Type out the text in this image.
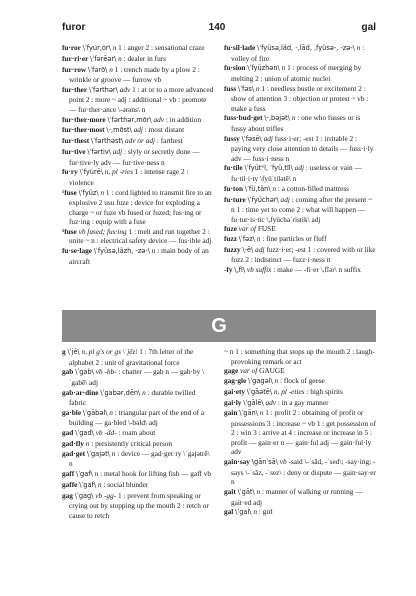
furor	140	gal

fu·ror \ˈfyu̇r,ȯr\ n 1 : anger 2 : sensational craze

fur·ri·er \ˈfərēər\ n : dealer in furs

fur·row \ˈfərō\ n 1 : trench made by a plow 2 : wrinkle or groove — furrow vb

fur·ther \ˈfərthər\ adv 1 : at or to a more advanced point 2 : more ~ adj : additional ~ vb : promote — fur·ther·ance \-ərəns\ n

fur·ther·more \ˈfərthər,mōr\ adv : in addition

fur·ther·most \-,mōst\ adj : most distant

fur·thest \ˈfərthəst\ adv or adj : farthest

fur·tive \ˈfərtiv\ adj : slyly or secretly done — fur·tive·ly adv — fur·tive·ness n

fu·ry \ˈfyu̇rē\ n, pl -ries 1 : intense rage 2 : violence

¹fuse \ˈfyüz\ n 1 : cord lighted to transmit fire to an explosive 2 usu fuze : device for exploding a charge ~ or fuze vb fused or fuzed; fus·ing or fuz·ing : equip with a fuse

²fuse vb fused; fus·ing 1 : melt and run together 2 : unite ~ n : electrical safety device — fus·ible adj

fu·se·lage \ˈfyüsə,läzh, -zə-\ n : main body of an aircraft

fu·sil·lade \ˈfyüsə,läd, -,lād, ,fyüsə-, -zə-\ n : volley of fire

fu·sion \ˈfyüzhən\ n 1 : process of merging by melting 2 : union of atomic nuclei

fuss \ˈfəs\ n 1 : needless bustle or excitement 2 : show of attention 3 : objection or protest ~ vb : make a fuss

fuss·bud·get \-,bəjət\ n : one who fusses or is fussy about trifles

fussy \ˈfəsē\ adj fuss·i·er; -est 1 : irritable 2 : paying very close attention to details — fuss·i·ly adv — fuss·i·ness n

fu·tile \ˈfyütᵊl, ˈfyü,tīl\ adj : useless or vain — fu·til·i·ty \fyüˈtilətē\ n

fu·ton \ˈfü,tän\ n : a cotton-filled mattress

fu·ture \ˈfyüchər\ adj : coming after the present ~ n 1 : time yet to come 2 : what will happen — fu·tur·is·tic \,fyüchəˈristik\ adj

fuze var of FUSE

fuzz \ˈfəz\ n : fine particles or fluff

fuzzy \-ē\ adj fuzz·i·er; -est 1 : covered with or like fuzz 2 : indistinct — fuzz·i·ness n

-fy \,fī\ vb suffix : make — -fi·er \,fīər\ n suffix

G

g \ˈjē\ n, pl g's or gs \ˈjēz\ 1 : 7th letter of the alphabet 2 : unit of gravitational force

gab \ˈgab\ vb -bb- : chatter — gab n — gab·by \ˈgabē\ adj

gab·ar·dine \ˈgabər,dēn\ n : durable twilled fabric

ga·ble \ˈgābəl\ n : triangular part of the end of a building — ga·bled \-bəld\ adj

gad \ˈgad\ vb -dd- : roam about

gad·fly n : persistently critical person

gad·get \ˈgajət\ n : device — gad·get·ry \ˈgajətrē\ n

gaff \ˈgaf\ n : metal hook for lifting fish — gaff vb

gaffe \ˈgaf\ n : social blunder

gag \ˈgag\ vb -gg- 1 : prevent from speaking or crying out by stopping up the mouth 2 : retch or cause to retch

~ n 1 : something that stops up the mouth 2 : laugh-provoking remark or act

gage var of GAUGE

gag·gle \ˈgagəl\ n : flock of geese

gai·ety \ˈgāətē\ n, pl -eties : high spirits

gai·ly \ˈgālē\ adv : in a gay manner

gain \ˈgān\ n 1 : profit 2 : obtaining of profit or possessions 3 : increase ~ vb 1 : get possession of 2 : win 3 : arrive at 4 : increase or increase in 5 : profit — gain·er n — gain·ful adj — gain·ful·ly adv

gain·say \gānˈsā\ vb -said \-ˈsād, -ˈsed\; -say·ing; -says \-ˈsāz, -ˈsez\ : deny or dispute — gain·say·er n

gait \ˈgāt\ n : manner of walking or running — gait·ed adj

gal \ˈgal\ n : girl
